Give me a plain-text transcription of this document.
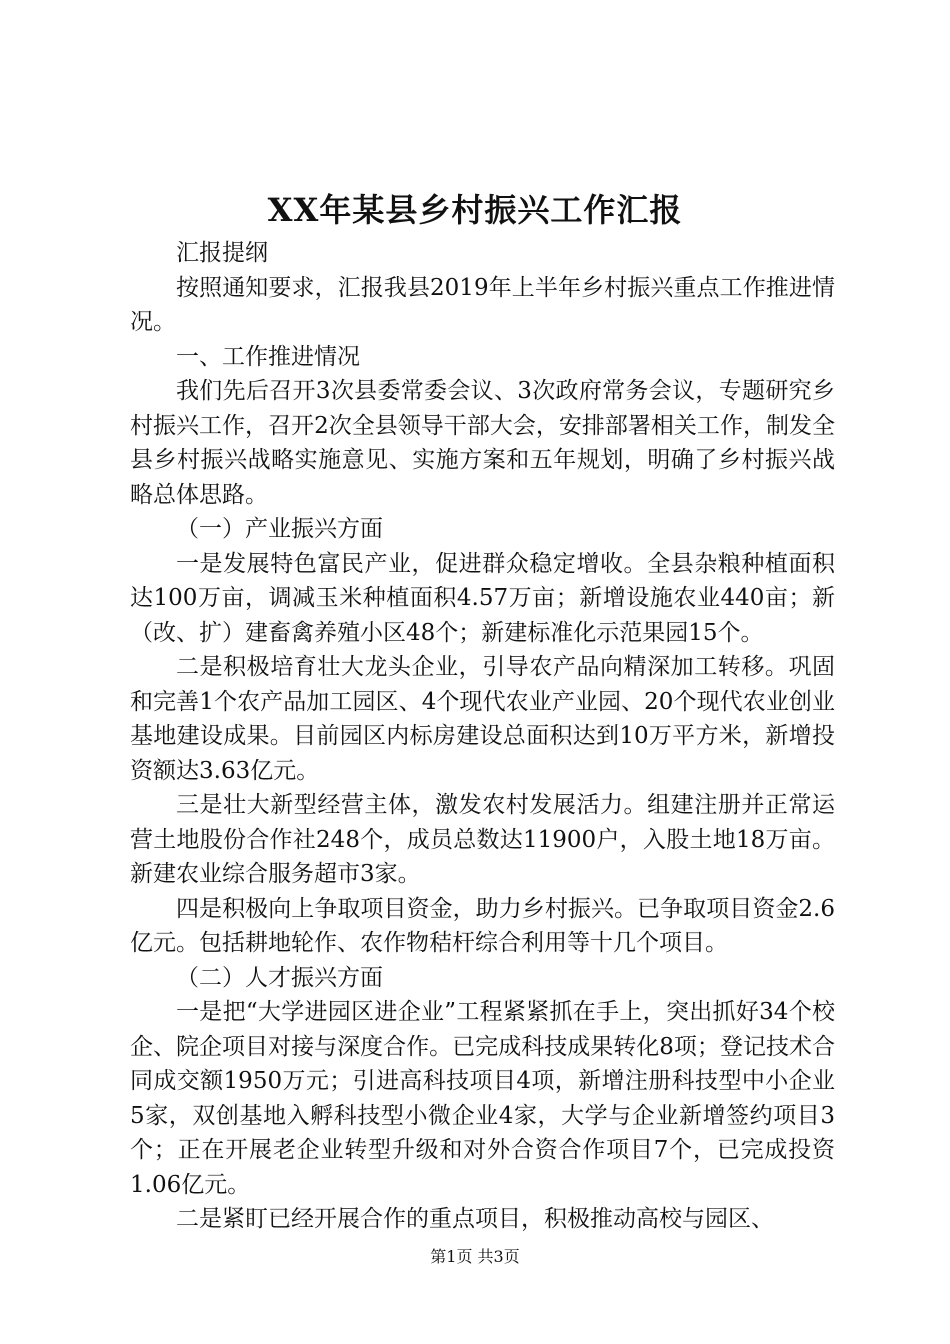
XX年某县乡村振兴工作汇报

汇报提纲

按照通知要求，汇报我县2019年上半年乡村振兴重点工作推进情况。

一、工作推进情况

我们先后召开3次县委常委会议、3次政府常务会议，专题研究乡村振兴工作，召开2次全县领导干部大会，安排部署相关工作，制发全县乡村振兴战略实施意见、实施方案和五年规划，明确了乡村振兴战略总体思路。

（一）产业振兴方面

一是发展特色富民产业，促进群众稳定增收。全县杂粮种植面积达100万亩，调减玉米种植面积4.57万亩；新增设施农业440亩；新（改、扩）建畜禽养殖小区48个；新建标准化示范果园15个。

二是积极培育壮大龙头企业，引导农产品向精深加工转移。巩固和完善1个农产品加工园区、4个现代农业产业园、20个现代农业创业基地建设成果。目前园区内标房建设总面积达到10万平方米，新增投资额达3.63亿元。

三是壮大新型经营主体，激发农村发展活力。组建注册并正常运营土地股份合作社248个，成员总数达11900户，入股土地18万亩。新建农业综合服务超市3家。

四是积极向上争取项目资金，助力乡村振兴。已争取项目资金2.6亿元。包括耕地轮作、农作物秸杆综合利用等十几个项目。

（二）人才振兴方面

一是把“大学进园区进企业”工程紧紧抓在手上，突出抓好34个校企、院企项目对接与深度合作。已完成科技成果转化8项；登记技术合同成交额1950万元；引进高科技项目4项，新增注册科技型中小企业5家，双创基地入孵科技型小微企业4家，大学与企业新增签约项目3个；正在开展老企业转型升级和对外合资合作项目7个，已完成投资1.06亿元。

二是紧盯已经开展合作的重点项目，积极推动高校与园区、

第1页 共3页
